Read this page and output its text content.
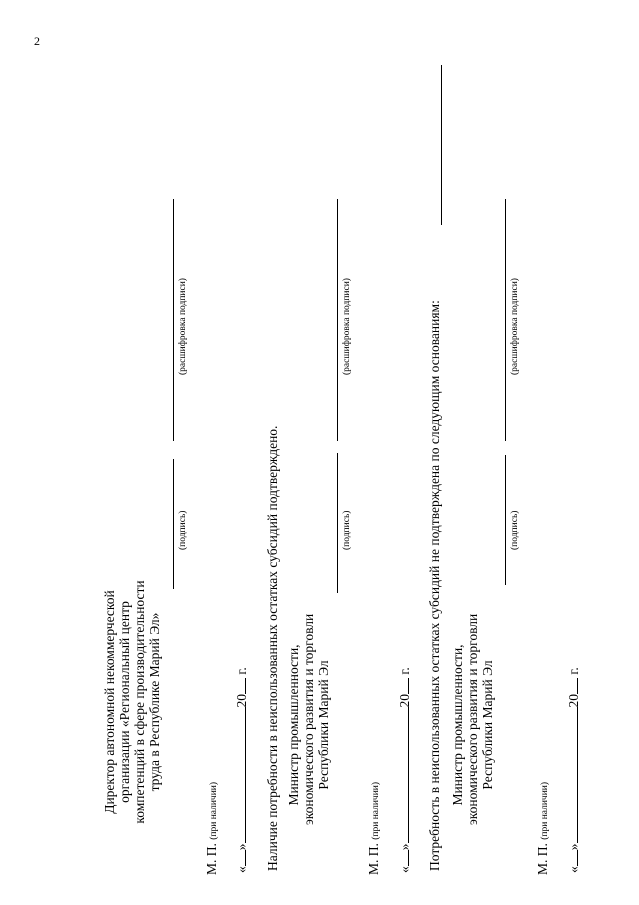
2
Директор автономной некоммерческой организации «Региональный центр компетенций в сфере производительности труда в Республике Марий Эл»
(подпись)
(расшифровка подписи)
М. П. (при наличии)
«»20 г. Наличие потребности в неиспользованных остатках субсидий подтверждено. Министр промышленности, экономического развития и торговли Республики Марий Эл
(подпись)
(расшифровка подписи)
М. П. (при наличии)
«»20 г. Потребность в неиспользованных остатках субсидий не подтверждена по следующим основаниям: Министр промышленности, экономического развития и торговли Республики Марий Эл
(подпись)
(расшифровка подписи)
М. П. (при наличии)
«»20 г.
